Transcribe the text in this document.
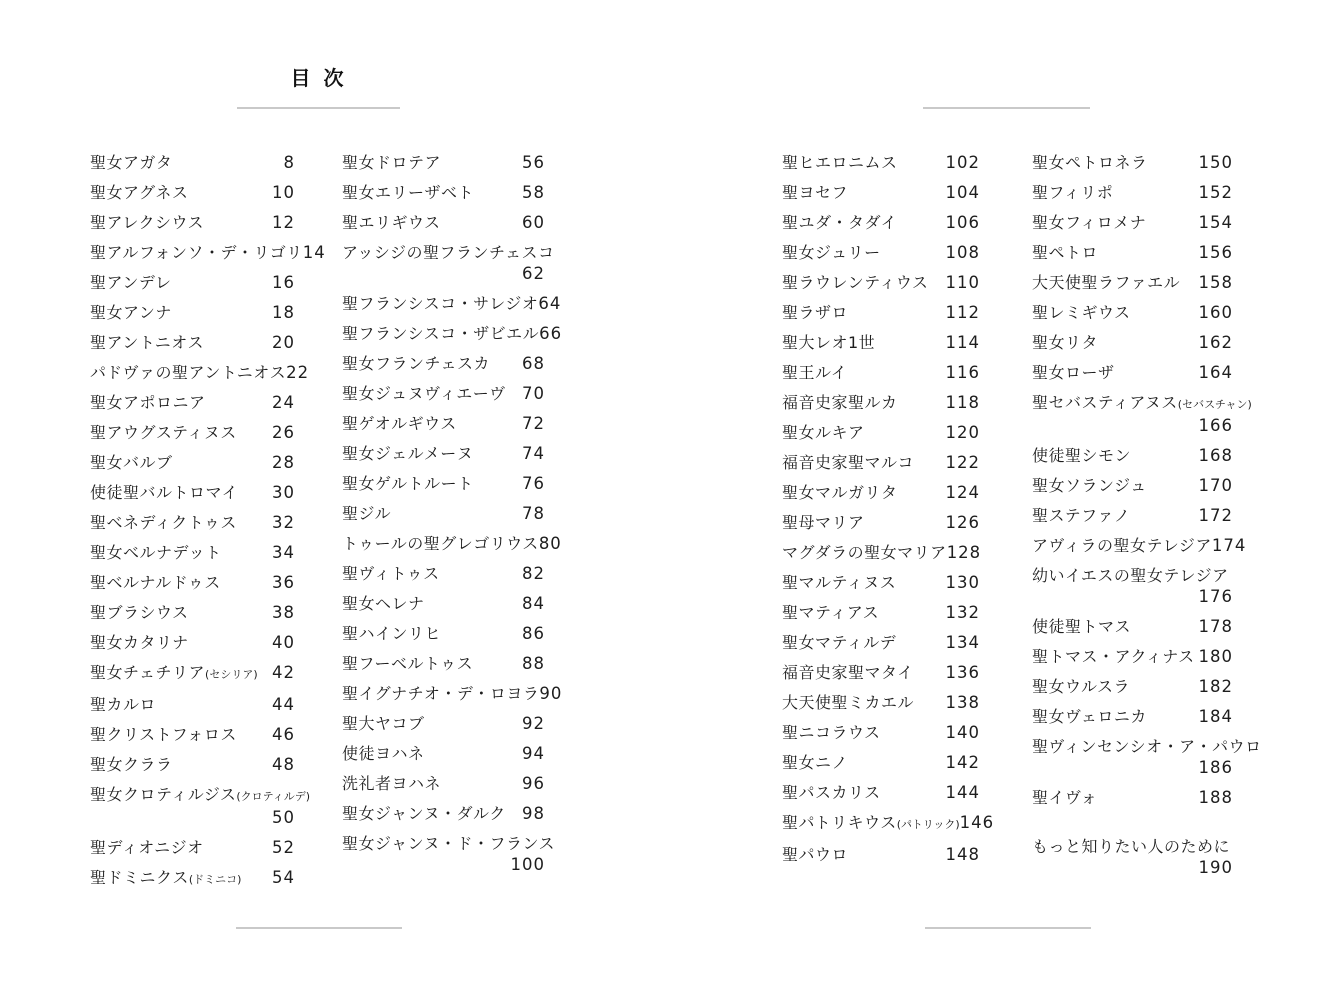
目 次
聖女アガタ	8
聖女アグネス	10
聖アレクシウス	12
聖アルフォンソ・デ・リゴリ 14
聖アンデレ	16
聖女アンナ	18
聖アントニオス	20
パドヴァの聖アントニオス 22
聖女アポロニア	24
聖アウグスティヌス 26
聖女バルブ	28
使徒聖バルトロマイ 30
聖ベネディクトゥス 32
聖女ベルナデット	34
聖ベルナルドゥス	36
聖ブラシウス	38
聖女カタリナ	40
聖女チェチリア(セシリア) 42
聖カルロ	44
聖クリストフォロス 46
聖女クララ	48
聖女クロティルジス(クロティルデ)
50
聖ディオニジオ	52
聖ドミニクス(ドミニコ) 54
聖女ドロテア	56
聖女エリーザベト	58
聖エリギウス	60
アッシジの聖フランチェスコ
62
聖フランシスコ・サレジオ 64
聖フランシスコ・ザビエル 66
聖女フランチェスカ 68
聖女ジュヌヴィエーヴ 70
聖ゲオルギウス	72
聖女ジェルメーヌ	74
聖女ゲルトルート	76
聖ジル	78
トゥールの聖グレゴリウス 80
聖ヴィトゥス	82
聖女ヘレナ	84
聖ハインリヒ	86
聖フーベルトゥス	88
聖イグナチオ・デ・ロヨラ 90
聖大ヤコブ	92
使徒ヨハネ	94
洗礼者ヨハネ	96
聖女ジャンヌ・ダルク 98
聖女ジャンヌ・ド・フランス
100
聖ヒエロニムス	102
聖ヨセフ	104
聖ユダ・タダイ	106
聖女ジュリー	108
聖ラウレンティウス 110
聖ラザロ	112
聖大レオ1世	114
聖王ルイ	116
福音史家聖ルカ	118
聖女ルキア	120
福音史家聖マルコ 122
聖女マルガリタ	124
聖母マリア	126
マグダラの聖女マリア 128
聖マルティヌス	130
聖マティアス	132
聖女マティルデ	134
福音史家聖マタイ 136
大天使聖ミカエル 138
聖ニコラウス	140
聖女ニノ	142
聖パスカリス	144
聖パトリキウス(パトリック) 146
聖パウロ	148
聖女ペトロネラ	150
聖フィリポ	152
聖女フィロメナ	154
聖ペトロ	156
大天使聖ラファエル 158
聖レミギウス	160
聖女リタ	162
聖女ローザ	164
聖セバスティアヌス(セバスチャン)
166
使徒聖シモン	168
聖女ソランジュ	170
聖ステファノ	172
アヴィラの聖女テレジア 174
幼いイエスの聖女テレジア
176
使徒聖トマス	178
聖トマス・アクィナス 180
聖女ウルスラ	182
聖女ヴェロニカ	184
聖ヴィンセンシオ・ア・パウロ
186
聖イヴォ	188
もっと知りたい人のために
190
